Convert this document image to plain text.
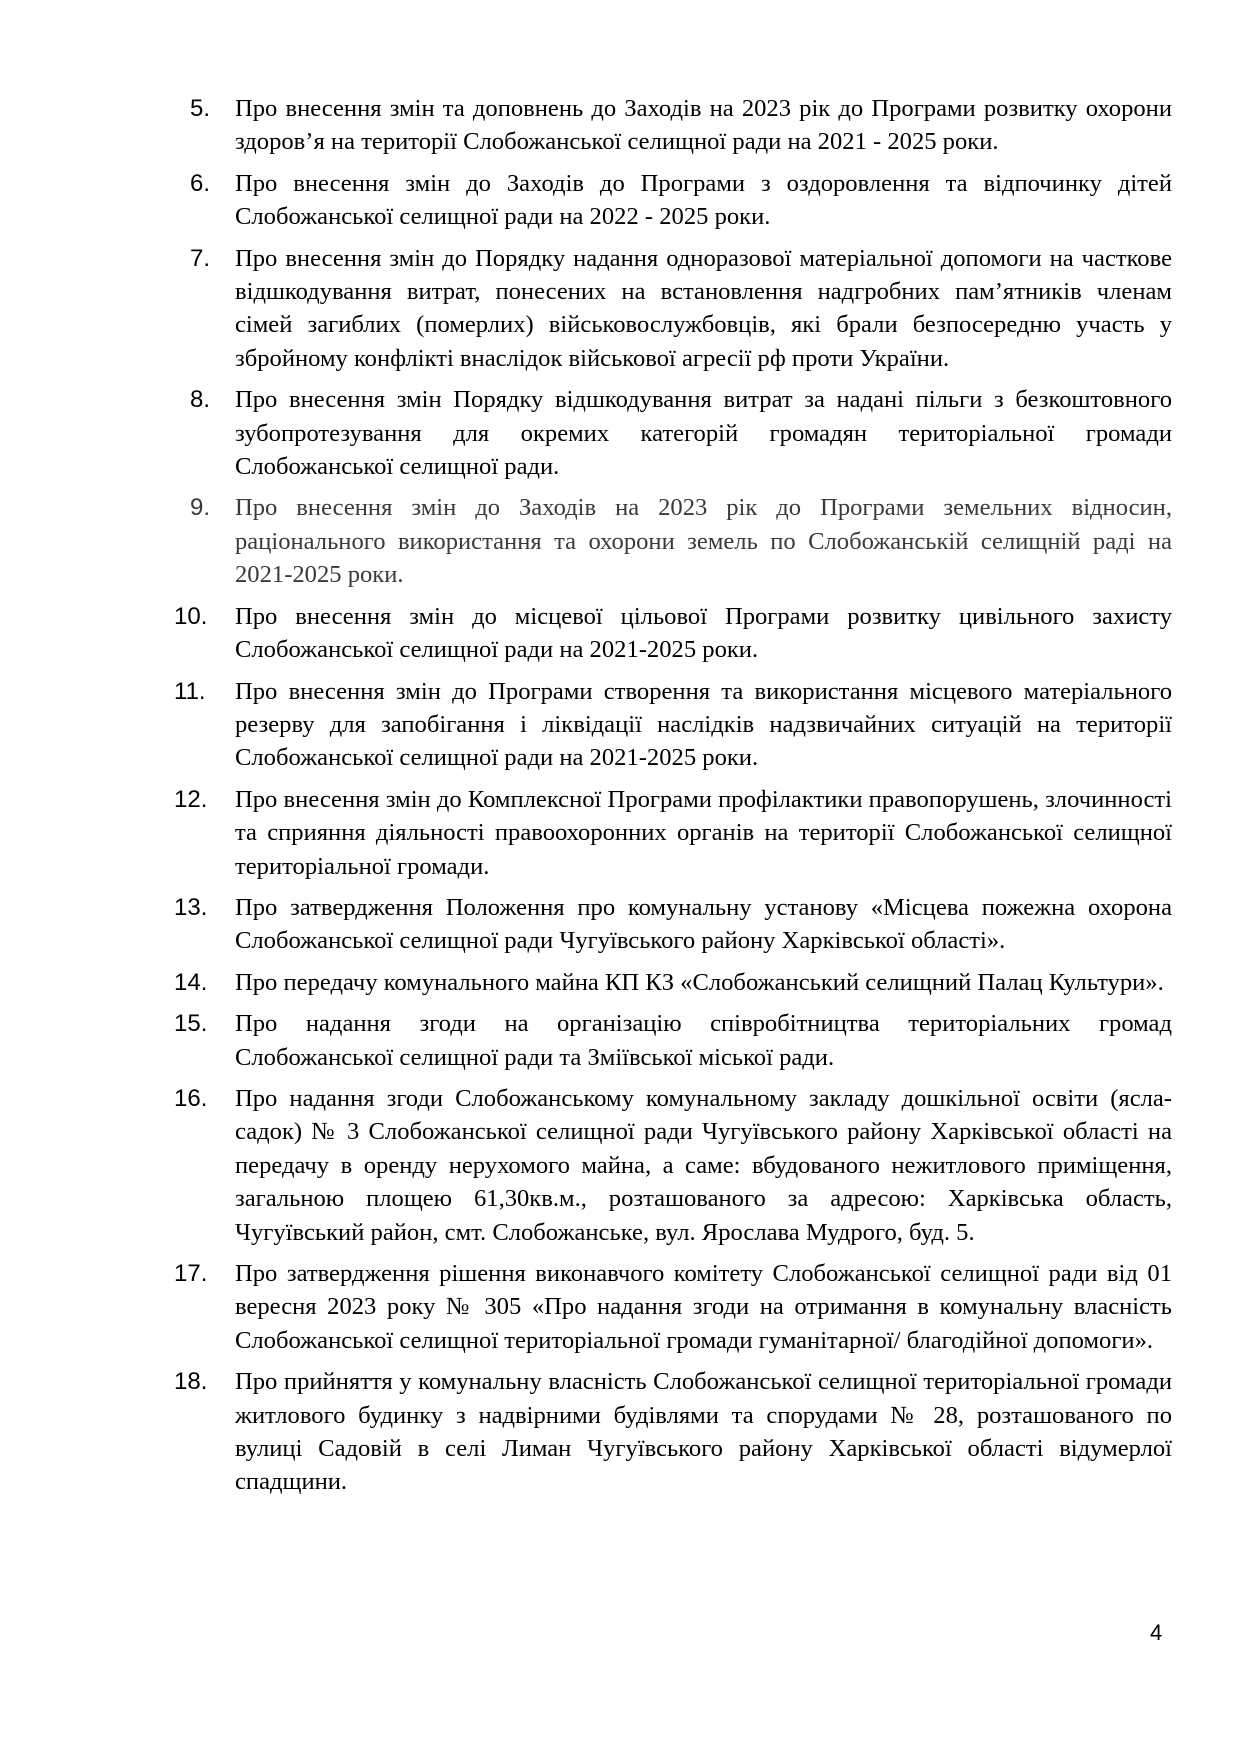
5. Про внесення змін та доповнень до Заходів на 2023 рік до Програми розвитку охорони здоров’я на території Слобожанської селищної ради на 2021 - 2025 роки.
6. Про внесення змін до Заходів до Програми з оздоровлення та відпочинку дітей Слобожанської селищної ради на 2022 - 2025 роки.
7. Про внесення змін до Порядку надання одноразової матеріальної допомоги на часткове відшкодування витрат, понесених на встановлення надгробних пам’ятників членам сімей загиблих (померлих) військовослужбовців, які брали безпосередню участь у збройному конфлікті внаслідок військової агресії рф проти України.
8. Про внесення змін Порядку відшкодування витрат за надані пільги з безкоштовного зубопротезування для окремих категорій громадян територіальної громади Слобожанської селищної ради.
9. Про внесення змін до Заходів на 2023 рік до Програми земельних відносин, раціонального використання та охорони земель по Слобожанській селищній раді на 2021-2025 роки.
10. Про внесення змін до місцевої цільової Програми розвитку цивільного захисту Слобожанської селищної ради на 2021-2025 роки.
11. Про внесення змін до Програми створення та використання місцевого матеріального резерву для запобігання і ліквідації наслідків надзвичайних ситуацій на території Слобожанської селищної ради на 2021-2025 роки.
12. Про внесення змін до Комплексної Програми профілактики правопорушень, злочинності та сприяння діяльності правоохоронних органів на території Слобожанської селищної територіальної громади.
13. Про затвердження Положення про комунальну установу «Місцева пожежна охорона Слобожанської селищної ради Чугуївського району Харківської області».
14. Про передачу комунального майна КП КЗ «Слобожанський селищний Палац Культури».
15. Про надання згоди на організацію співробітництва територіальних громад Слобожанської селищної ради та Зміївської міської ради.
16. Про надання згоди Слобожанському комунальному закладу дошкільної освіти (ясла-садок) № 3 Слобожанської селищної ради Чугуївського району Харківської області на передачу в оренду нерухомого майна, а саме: вбудованого нежитлового приміщення, загальною площею 61,30кв.м., розташованого за адресою: Харківська область, Чугуївський район, смт. Слобожанське, вул. Ярослава Мудрого, буд. 5.
17. Про затвердження рішення виконавчого комітету Слобожанської селищної ради від 01 вересня 2023 року № 305 «Про надання згоди на отримання в комунальну власність Слобожанської селищної територіальної громади гуманітарної/ благодійної допомоги».
18. Про прийняття у комунальну власність Слобожанської селищної територіальної громади житлового будинку з надвірними будівлями та спорудами № 28, розташованого по вулиці Садовій в селі Лиман Чугуївського району Харківської області відумерлої спадщини.
4
